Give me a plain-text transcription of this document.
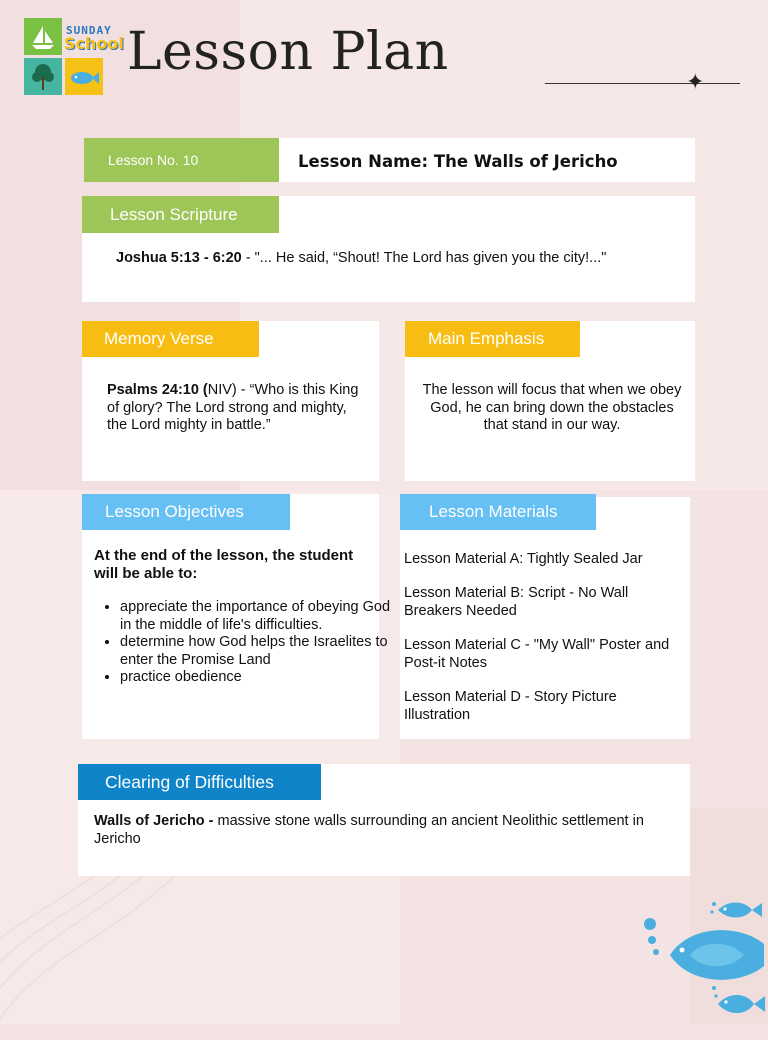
SUNDAY
School Lesson Plan
✦
Lesson No. 10	Lesson Name: The Walls of Jericho
Lesson Scripture
Joshua 5:13 - 6:20 - "... He said, “Shout! The Lord has given you the city!..."
Memory Verse
Psalms 24:10 (NIV) - “Who is this King of glory? The Lord strong and mighty, the Lord mighty in battle.”
Main Emphasis
The lesson will focus that when we obey God, he can bring down the obstacles that stand in our way.
Lesson Objectives
At the end of the lesson, the student will be able to:
• appreciate the importance of obeying God in the middle of life's difficulties.
• determine how God helps the Israelites to enter the Promise Land
• practice obedience
Lesson Materials
Lesson Material A: Tightly Sealed Jar
Lesson Material B: Script - No Wall Breakers Needed
Lesson Material C - "My Wall" Poster and Post-it Notes
Lesson Material D - Story Picture Illustration
Clearing of Difficulties
Walls of Jericho - massive stone walls surrounding an ancient Neolithic settlement in Jericho
